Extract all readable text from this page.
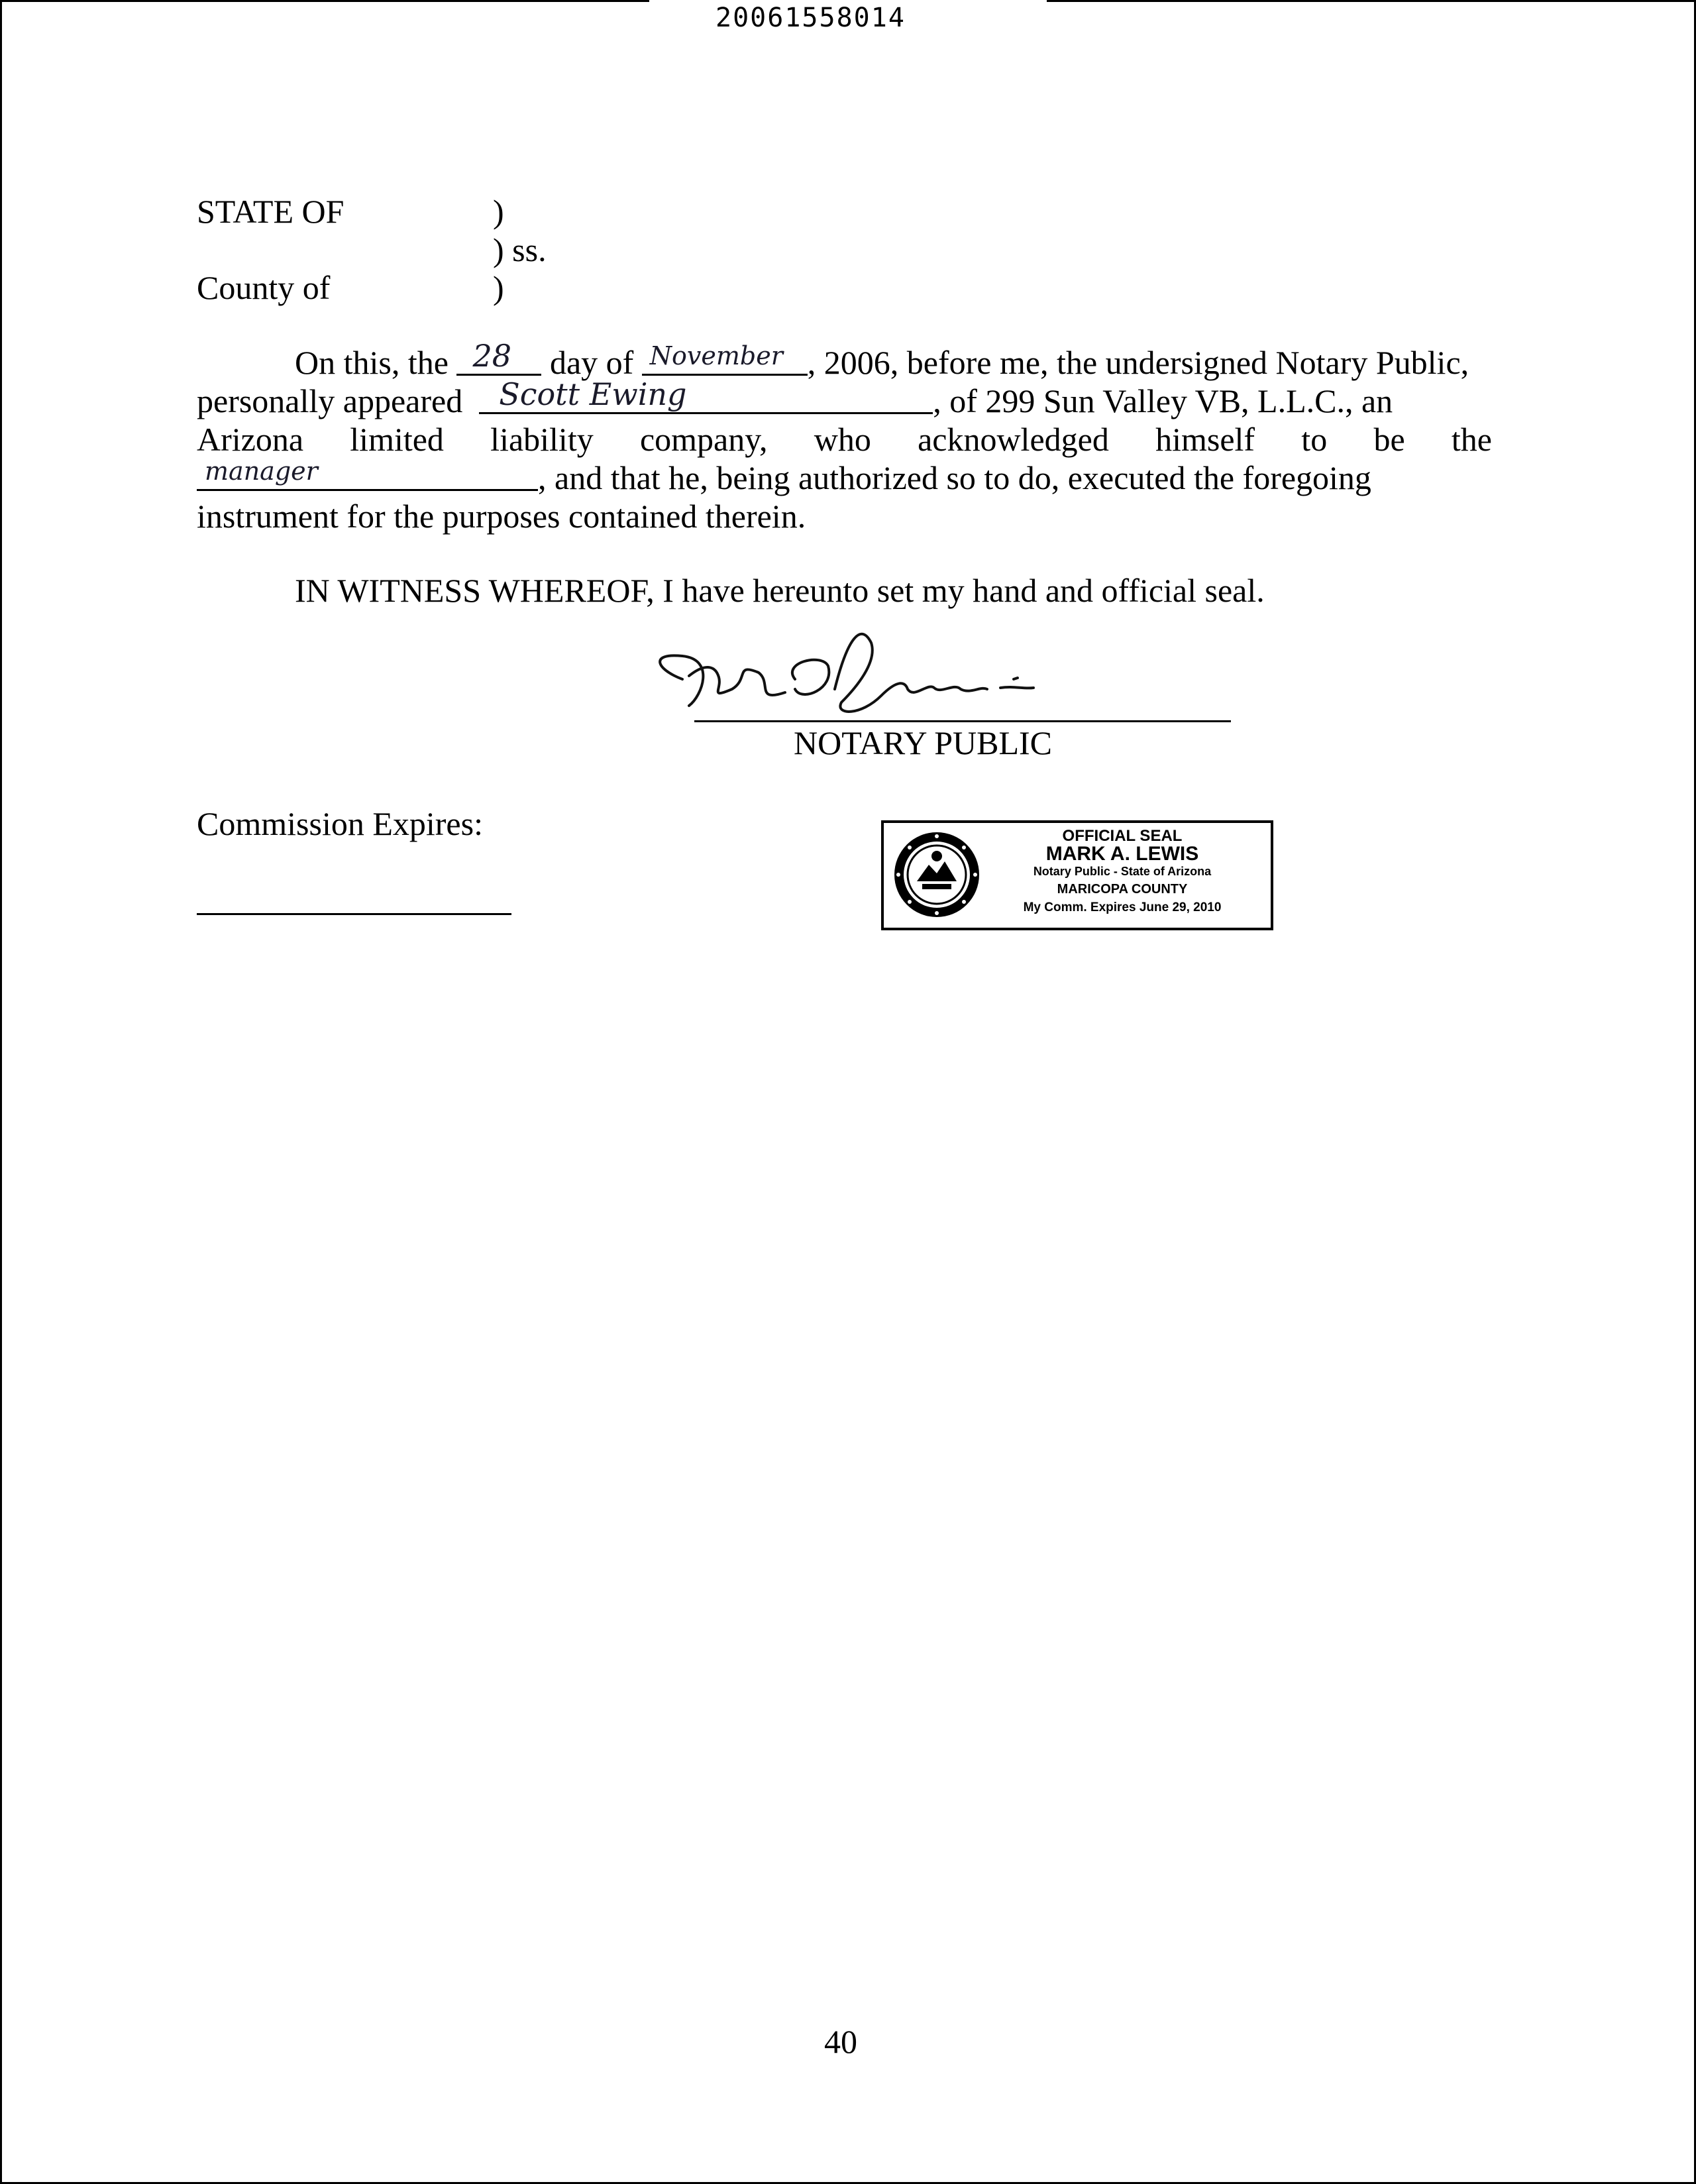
20061558014
STATE OF	)
) ss.
County of	)
On this, the
28
day of
November , 2006, before me, the undersigned Notary Public,
personally appeared
Scott Ewing	, of 299 Sun Valley VB, L.L.C., an
Arizona limited liability company, who acknowledged himself to be the
manager	, and that he, being authorized so to do, executed the foregoing
instrument for the purposes contained therein.
IN WITNESS WHEREOF, I have hereunto set my hand and official seal.
NOTARY PUBLIC
Commission Expires:	OFFICIAL SEAL
MARK A. LEWIS
Notary Public - State of Arizona
MARICOPA COUNTY
My Comm. Expires June 29, 2010
40
